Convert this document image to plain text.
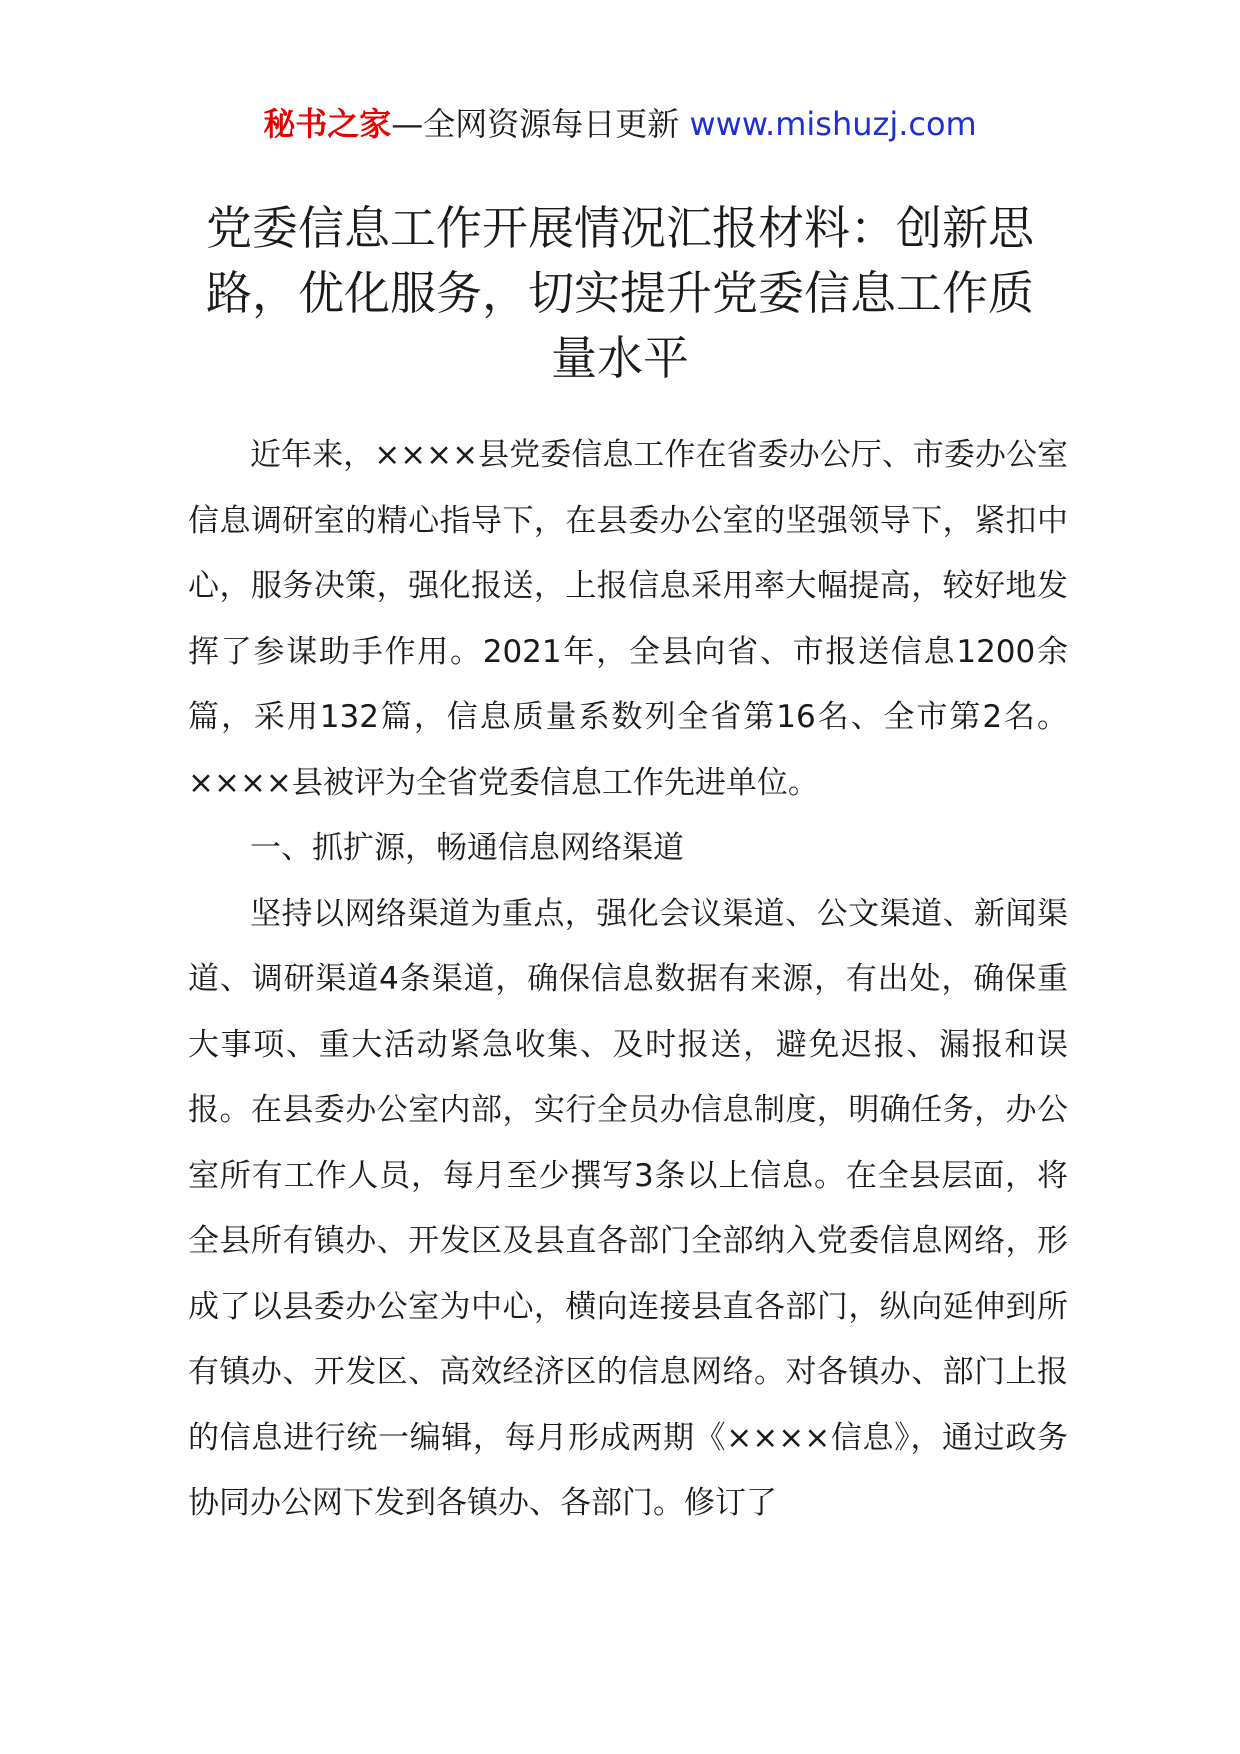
秘书之家—全网资源每日更新 www.mishuzj.com
党委信息工作开展情况汇报材料：创新思路，优化服务，切实提升党委信息工作质量水平

近年来，××××县党委信息工作在省委办公厅、市委办公室信息调研室的精心指导下，在县委办公室的坚强领导下，紧扣中心，服务决策，强化报送，上报信息采用率大幅提高，较好地发挥了参谋助手作用。2021年，全县向省、市报送信息1200余篇，采用132篇，信息质量系数列全省第16名、全市第2名。××××县被评为全省党委信息工作先进单位。

一、抓扩源，畅通信息网络渠道

坚持以网络渠道为重点，强化会议渠道、公文渠道、新闻渠道、调研渠道4条渠道，确保信息数据有来源，有出处，确保重大事项、重大活动紧急收集、及时报送，避免迟报、漏报和误报。在县委办公室内部，实行全员办信息制度，明确任务，办公室所有工作人员，每月至少撰写3条以上信息。在全县层面，将全县所有镇办、开发区及县直各部门全部纳入党委信息网络，形成了以县委办公室为中心，横向连接县直各部门，纵向延伸到所有镇办、开发区、高效经济区的信息网络。对各镇办、部门上报的信息进行统一编辑，每月形成两期《××××信息》，通过政务协同办公网下发到各镇办、各部门。修订了
